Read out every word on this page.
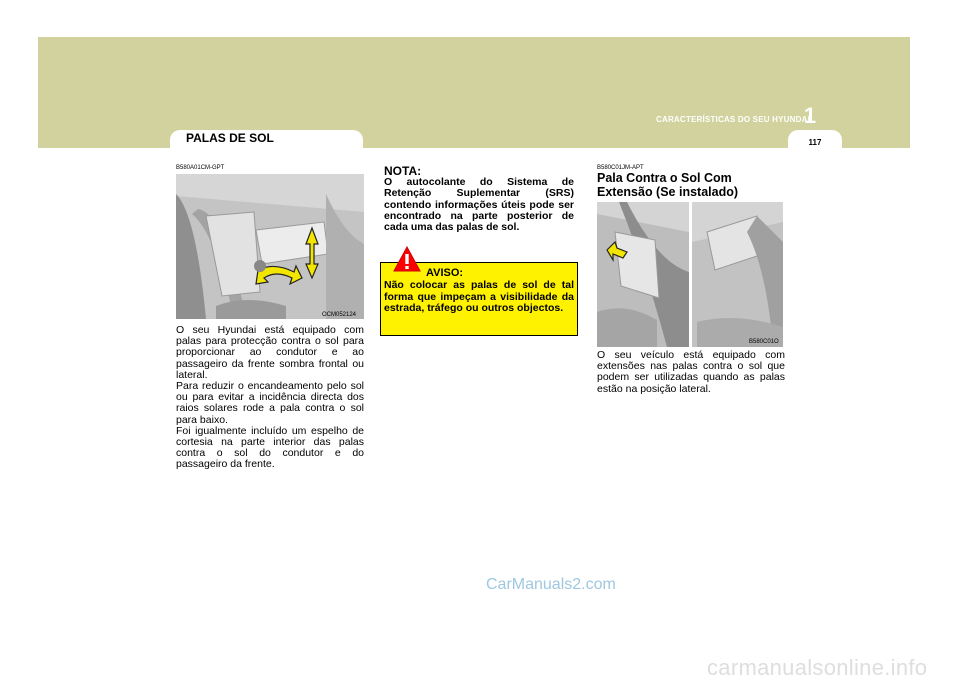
1
CARACTERÍSTICAS DO SEU HYUNDAI
117
PALAS DE SOL
B580A01CM-GPT
OCM052124

O seu Hyundai está equipado com palas para protecção contra o sol para proporcionar ao condutor e ao passageiro da frente sombra frontal ou lateral.

Para reduzir o encandeamento pelo sol ou para evitar a incidência directa dos raios solares rode a pala contra o sol para baixo.

Foi igualmente incluído um espelho de cortesia na parte interior das palas contra o sol do condutor e do passageiro da frente.

NOTA:

O autocolante do Sistema de Retenção Suplementar (SRS) contendo informações úteis pode ser encontrado na parte posterior de cada uma das palas de sol.

AVISO:

Não colocar as palas de sol de tal forma que impeçam a visibilidade da estrada, tráfego ou outros objectos.

B580C01JM-APT

Pala Contra o Sol Com Extensão (Se instalado)

B580C01O

O seu veículo está equipado com extensões nas palas contra o sol que podem ser utilizadas quando as palas estão na posição lateral.

CarManuals2.com
carmanualsonline.info
